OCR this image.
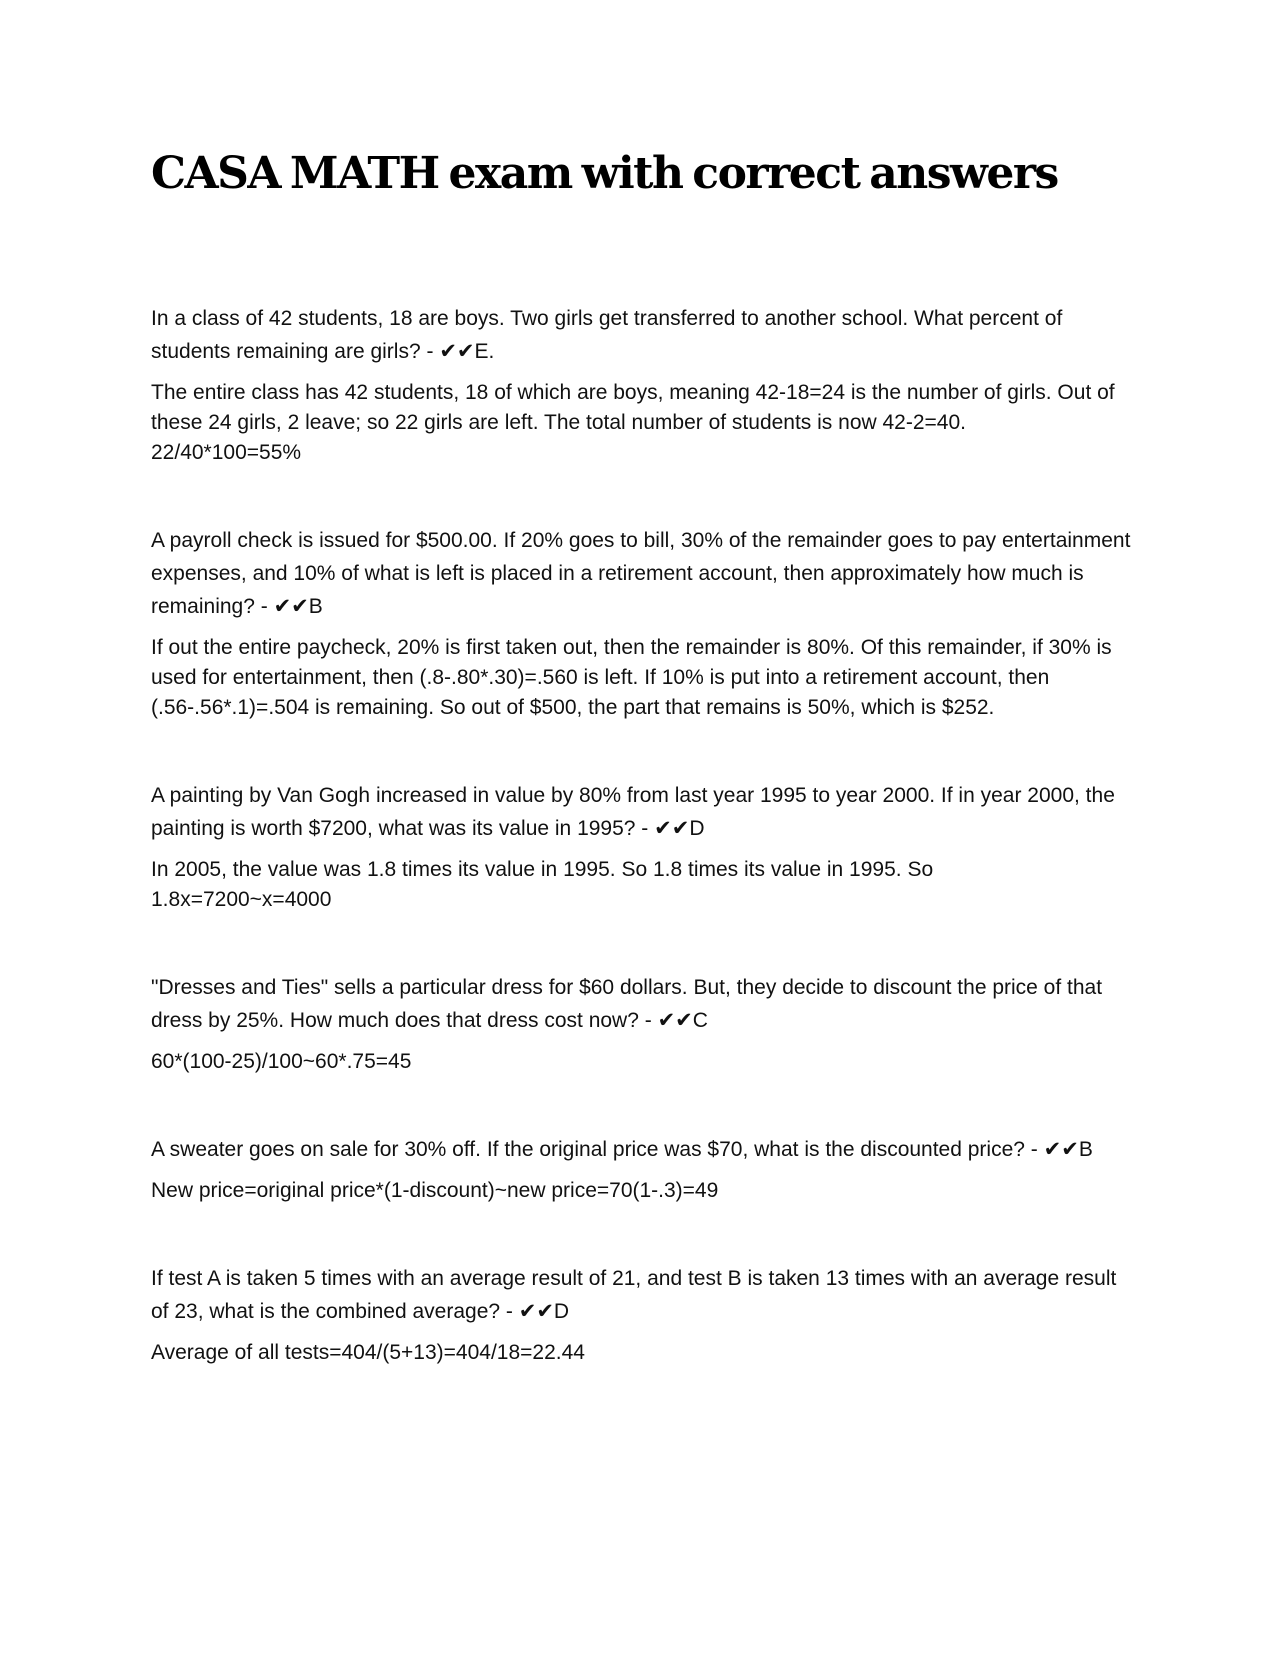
CASA MATH exam with correct answers

In a class of 42 students, 18 are boys. Two girls get transferred to another school. What percent of students remaining are girls? - ✔✔E.

The entire class has 42 students, 18 of which are boys, meaning 42-18=24 is the number of girls. Out of these 24 girls, 2 leave; so 22 girls are left. The total number of students is now 42-2=40.
22/40*100=55%

A payroll check is issued for $500.00. If 20% goes to bill, 30% of the remainder goes to pay entertainment expenses, and 10% of what is left is placed in a retirement account, then approximately how much is remaining? - ✔✔B

If out the entire paycheck, 20% is first taken out, then the remainder is 80%. Of this remainder, if 30% is used for entertainment, then (.8-.80*.30)=.560 is left. If 10% is put into a retirement account, then (.56-.56*.1)=.504 is remaining. So out of $500, the part that remains is 50%, which is $252.

A painting by Van Gogh increased in value by 80% from last year 1995 to year 2000. If in year 2000, the painting is worth $7200, what was its value in 1995? - ✔✔D

In 2005, the value was 1.8 times its value in 1995. So 1.8 times its value in 1995. So
1.8x=7200~x=4000

"Dresses and Ties" sells a particular dress for $60 dollars. But, they decide to discount the price of that dress by 25%. How much does that dress cost now? - ✔✔C

60*(100-25)/100~60*.75=45

A sweater goes on sale for 30% off. If the original price was $70, what is the discounted price? - ✔✔B

New price=original price*(1-discount)~new price=70(1-.3)=49

If test A is taken 5 times with an average result of 21, and test B is taken 13 times with an average result of 23, what is the combined average? - ✔✔D

Average of all tests=404/(5+13)=404/18=22.44
